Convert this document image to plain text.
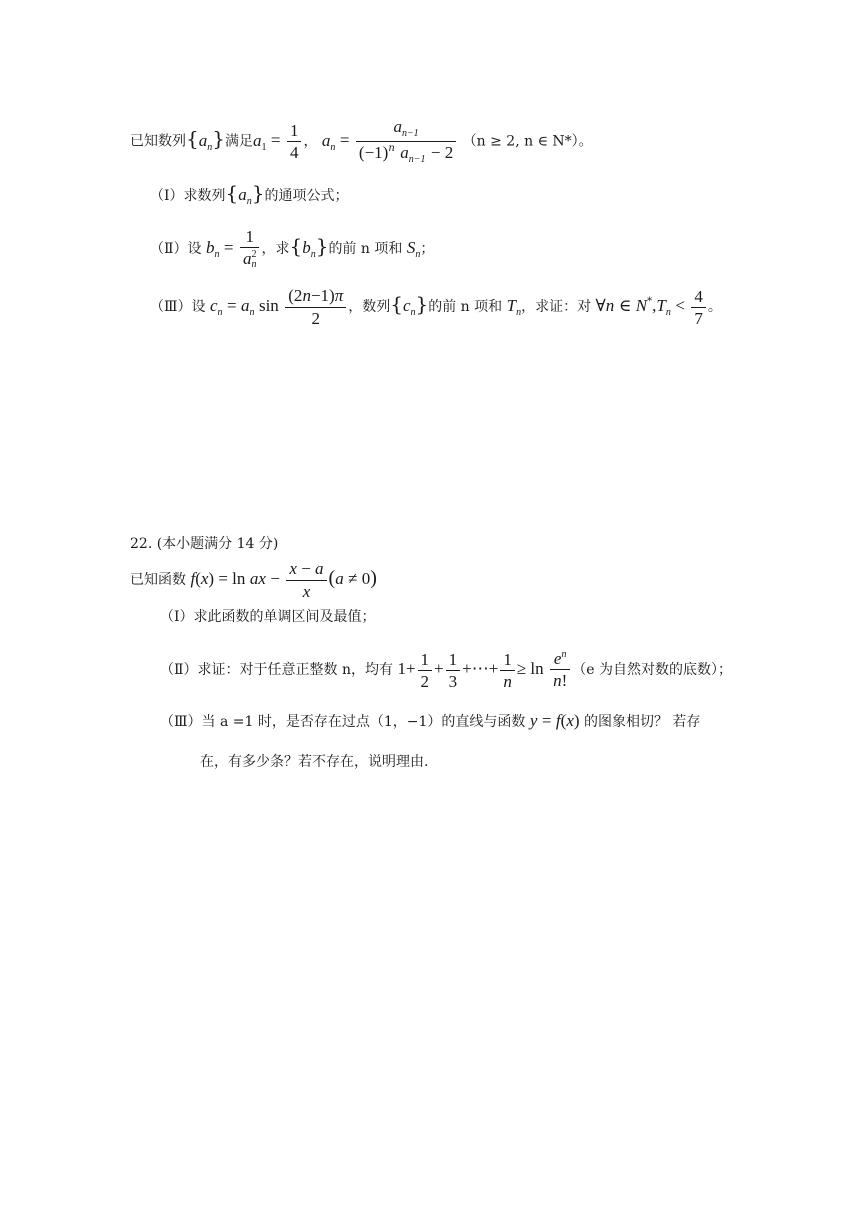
已知数列$\{a_n\}$满足$a_1 = \frac{1}{4}$ ， $a_n = \frac{a_{n-1}}{(-1)^n a_{n-1} - 2} (n \ge 2$, n ∈ N*）。
（Ⅰ）求数列$\{a_n\}$的通项公式；
（Ⅱ）设 $b_n = \frac{1}{a_n^2}$ ，求$\{b_n\}$的前 n 项和 $S_n$；
（Ⅲ）设 $c_n = a_n$ $\sin \frac{(2n-1)\pi}{2}$ ，数列$\{c_n\}$的前 n 项和 $T_n$，求证：对 ∀n ∈ $N^*,T_n < \frac{4}{7}$ 。
22. (本小题满分 14 分)
已知函数 f(x) = ln ax − $\frac{x - a}{x} (a \ne 0)$
（Ⅰ）求此函数的单调区间及最值；
（Ⅱ）求证：对于任意正整数 n，均有 $1+ \frac{1}{2} + \frac{1}{3}$ +⋯+ $\frac{1}{n} \ge \ln \frac{e^n}{n!} (e$ 为自然对数的底数）；
（Ⅲ）当 a =1 时，是否存在过点（1，−1）的直线与函数 y = f(x) 的图象相切？ 若存
在，有多少条？若不存在，说明理由.
